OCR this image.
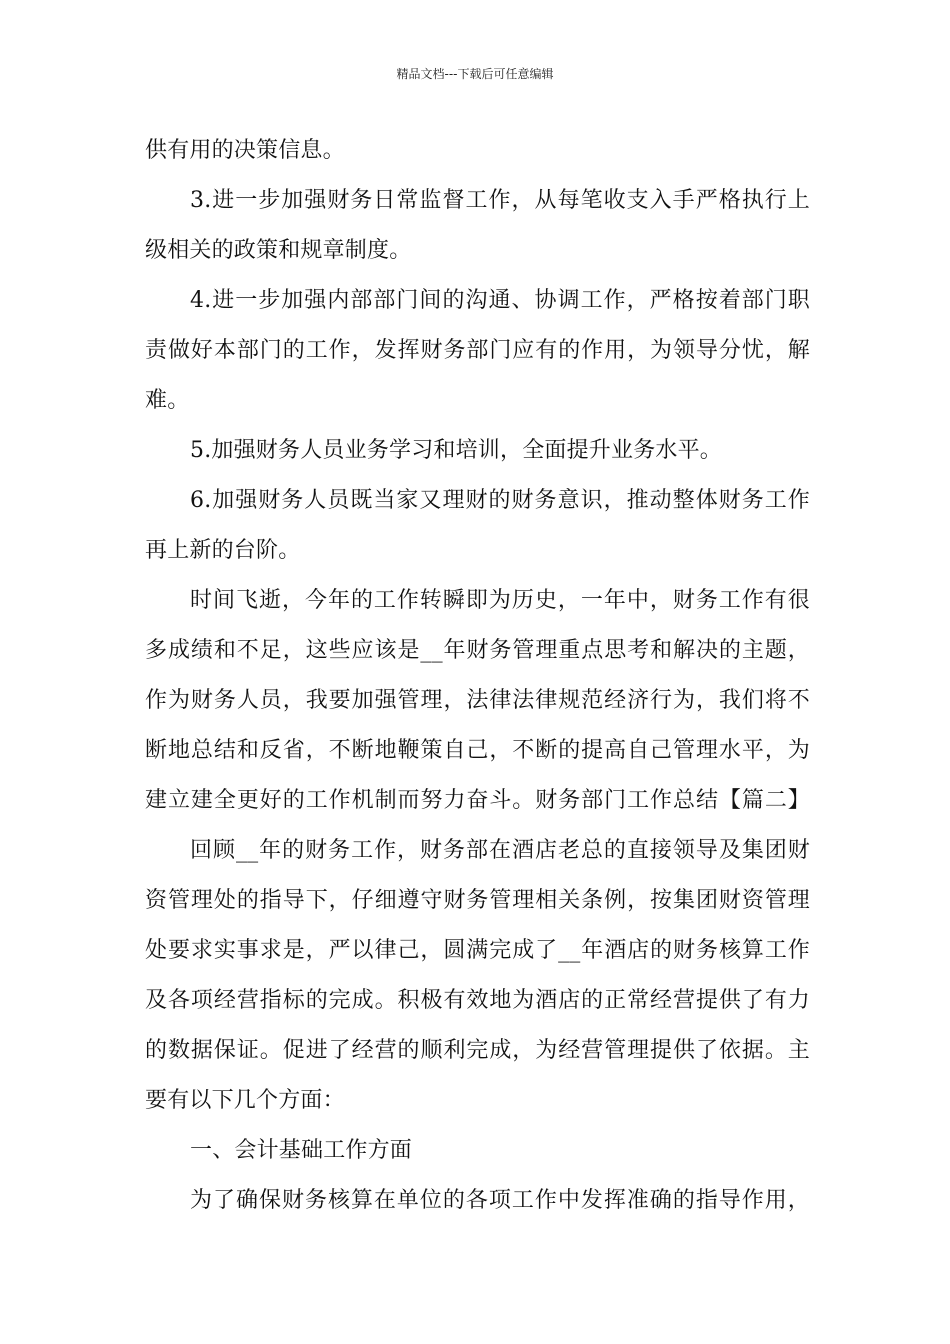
精品文档---下载后可任意编辑
供有用的决策信息。
3.进一步加强财务日常监督工作，从每笔收支入手严格执行上
级相关的政策和规章制度。
4.进一步加强内部部门间的沟通、协调工作，严格按着部门职
责做好本部门的工作，发挥财务部门应有的作用，为领导分忧，解
难。
5.加强财务人员业务学习和培训，全面提升业务水平。
6.加强财务人员既当家又理财的财务意识，推动整体财务工作
再上新的台阶。
时间飞逝，今年的工作转瞬即为历史，一年中，财务工作有很
多成绩和不足，这些应该是__年财务管理重点思考和解决的主题，
作为财务人员，我要加强管理，法律法律规范经济行为，我们将不
断地总结和反省，不断地鞭策自己，不断的提高自己管理水平，为
建立建全更好的工作机制而努力奋斗。财务部门工作总结【篇二】
回顾__年的财务工作，财务部在酒店老总的直接领导及集团财
资管理处的指导下，仔细遵守财务管理相关条例，按集团财资管理
处要求实事求是，严以律己，圆满完成了__年酒店的财务核算工作
及各项经营指标的完成。积极有效地为酒店的正常经营提供了有力
的数据保证。促进了经营的顺利完成，为经营管理提供了依据。主
要有以下几个方面：
一、会计基础工作方面
为了确保财务核算在单位的各项工作中发挥准确的指导作用，
